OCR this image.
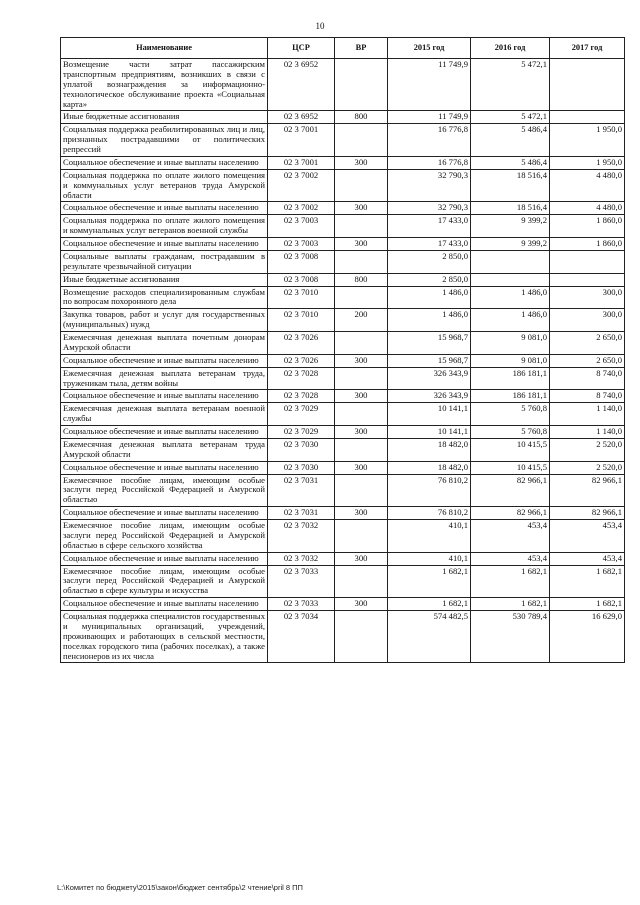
10
Наименование	ЦСР	ВР	2015 год	2016 год	2017 год
Возмещение части затрат пассажирским транспортным предприятиям, возникших в связи с уплатой вознаграждения за информационно-технологическое обслуживание проекта «Социальная карта»	02 3 6952		11 749,9	5 472,1	
Иные бюджетные ассигнования	02 3 6952	800	11 749,9	5 472,1	
Социальная поддержка реабилитированных лиц и лиц, признанных пострадавшими от политических репрессий	02 3 7001		16 776,8	5 486,4	1 950,0
Социальное обеспечение и иные выплаты населению	02 3 7001	300	16 776,8	5 486,4	1 950,0
Социальная поддержка по оплате жилого помещения и коммунальных услуг ветеранов труда Амурской области	02 3 7002		32 790,3	18 516,4	4 480,0
Социальное обеспечение и иные выплаты населению	02 3 7002	300	32 790,3	18 516,4	4 480,0
Социальная поддержка по оплате жилого помещения и коммунальных услуг ветеранов военной службы	02 3 7003		17 433,0	9 399,2	1 860,0
Социальное обеспечение и иные выплаты населению	02 3 7003	300	17 433,0	9 399,2	1 860,0
Социальные выплаты гражданам, пострадавшим в результате чрезвычайной ситуации	02 3 7008		2 850,0		
Иные бюджетные ассигнования	02 3 7008	800	2 850,0		
Возмещение расходов специализированным службам по вопросам похоронного дела	02 3 7010		1 486,0	1 486,0	300,0
Закупка товаров, работ и услуг для государственных (муниципальных) нужд	02 3 7010	200	1 486,0	1 486,0	300,0
Ежемесячная денежная выплата почетным донорам Амурской области	02 3 7026		15 968,7	9 081,0	2 650,0
Социальное обеспечение и иные выплаты населению	02 3 7026	300	15 968,7	9 081,0	2 650,0
Ежемесячная денежная выплата ветеранам труда, труженикам тыла, детям войны	02 3 7028		326 343,9	186 181,1	8 740,0
Социальное обеспечение и иные выплаты населению	02 3 7028	300	326 343,9	186 181,1	8 740,0
Ежемесячная денежная выплата ветеранам военной службы	02 3 7029		10 141,1	5 760,8	1 140,0
Социальное обеспечение и иные выплаты населению	02 3 7029	300	10 141,1	5 760,8	1 140,0
Ежемесячная денежная выплата ветеранам труда Амурской области	02 3 7030		18 482,0	10 415,5	2 520,0
Социальное обеспечение и иные выплаты населению	02 3 7030	300	18 482,0	10 415,5	2 520,0
Ежемесячное пособие лицам, имеющим особые заслуги перед Российской Федерацией и Амурской областью	02 3 7031		76 810,2	82 966,1	82 966,1
Социальное обеспечение и иные выплаты населению	02 3 7031	300	76 810,2	82 966,1	82 966,1
Ежемесячное пособие лицам, имеющим особые заслуги перед Российской Федерацией и Амурской областью в сфере сельского хозяйства	02 3 7032		410,1	453,4	453,4
Социальное обеспечение и иные выплаты населению	02 3 7032	300	410,1	453,4	453,4
Ежемесячное пособие лицам, имеющим особые заслуги перед Российской Федерацией и Амурской областью в сфере культуры и искусства	02 3 7033		1 682,1	1 682,1	1 682,1
Социальное обеспечение и иные выплаты населению	02 3 7033	300	1 682,1	1 682,1	1 682,1
Социальная поддержка специалистов государственных и муниципальных организаций, учреждений, проживающих и работающих в сельской местности, поселках городского типа (рабочих поселках), а также пенсионеров из их числа	02 3 7034		574 482,5	530 789,4	16 629,0
L:\Комитет по бюджету\2015\закон\бюджет сентябрь\2 чтение\pril 8 ПП
